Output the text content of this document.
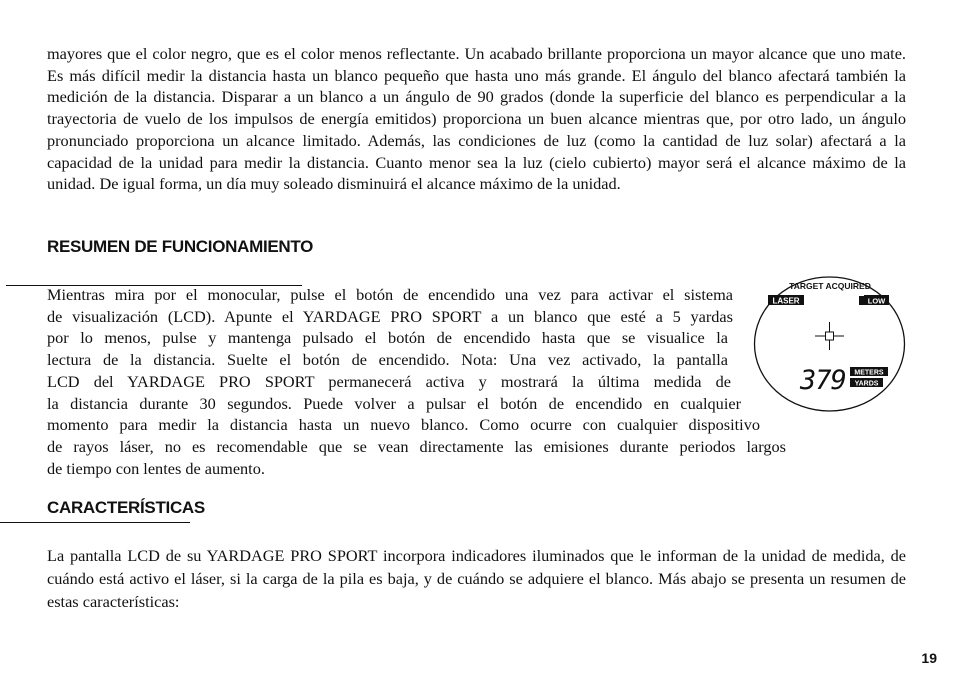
mayores que el color negro, que es el color menos reflectante. Un acabado brillante proporciona un mayor alcance que uno mate. Es más difícil medir la distancia hasta un blanco pequeño que hasta uno más grande. El ángulo del blanco afectará también la medición de la distancia. Disparar a un blanco a un ángulo de 90 grados (donde la superficie del blanco es perpendicular a la trayectoria de vuelo de los impulsos de energía emitidos) proporciona un buen alcance mientras que, por otro lado, un ángulo pronunciado proporciona un alcance limitado. Además, las condiciones de luz (como la cantidad de luz solar) afectará a la capacidad de la unidad para medir la distancia. Cuanto menor sea la luz (cielo cubierto) mayor será el alcance máximo de la unidad. De igual forma, un día muy soleado disminuirá el alcance máximo de la unidad.

RESUMEN DE FUNCIONAMIENTO
Mientras mira por el monocular, pulse el botón de encendido una vez para activar el sistema
de visualización (LCD). Apunte el YARDAGE PRO SPORT a un blanco que esté a 5 yardas
por lo menos, pulse y mantenga pulsado el botón de encendido hasta que se visualice la
lectura de la distancia. Suelte el botón de encendido. Nota: Una vez activado, la pantalla
LCD del YARDAGE PRO SPORT permanecerá activa y mostrará la última medida de
la distancia durante 30 segundos. Puede volver a pulsar el botón de encendido en cualquier
momento para medir la distancia hasta un nuevo blanco. Como ocurre con cualquier dispositivo
de rayos láser, no es recomendable que se vean directamente las emisiones durante periodos largos
de tiempo con lentes de aumento.
CARACTERÍSTICAS

La pantalla LCD de su YARDAGE PRO SPORT incorpora indicadores iluminados que le informan de la unidad de medida, de cuándo está activo el láser, si la carga de la pila es baja, y de cuándo se adquiere el blanco. Más abajo se presenta un resumen de estas características:

TARGET ACQUIRED
LASER	LOW
379 METERS
YARDS
19
